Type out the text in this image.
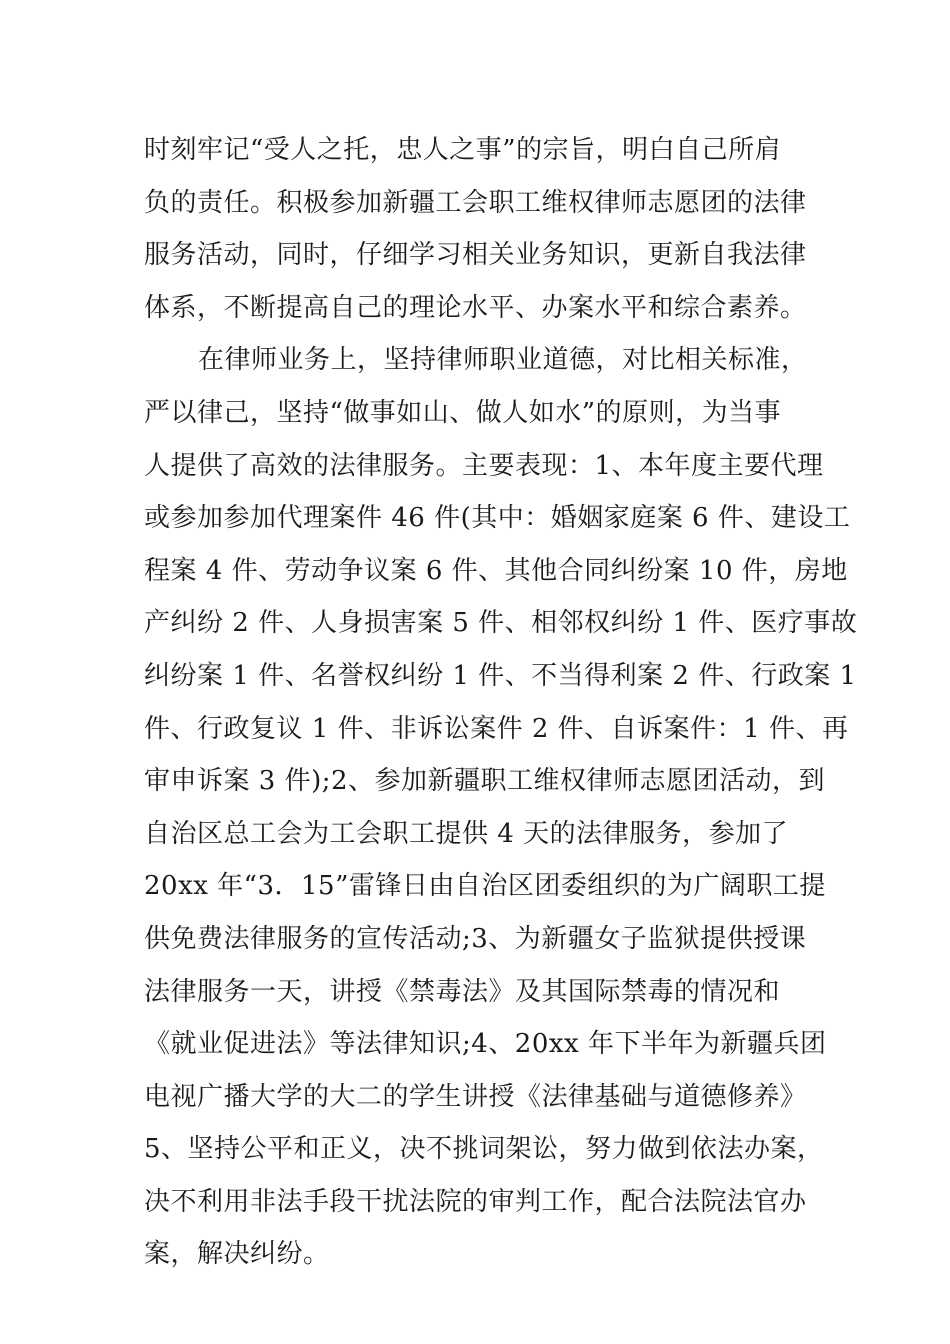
时刻牢记“受人之托，忠人之事”的宗旨，明白自己所肩
负的责任。积极参加新疆工会职工维权律师志愿团的法律
服务活动，同时，仔细学习相关业务知识，更新自我法律
体系，不断提高自己的理论水平、办案水平和综合素养。
在律师业务上，坚持律师职业道德，对比相关标准，
严以律己，坚持“做事如山、做人如水”的原则，为当事
人提供了高效的法律服务。主要表现：1、本年度主要代理
或参加参加代理案件 46 件(其中：婚姻家庭案 6 件、建设工
程案 4 件、劳动争议案 6 件、其他合同纠纷案 10 件，房地
产纠纷 2 件、人身损害案 5 件、相邻权纠纷 1 件、医疗事故
纠纷案 1 件、名誉权纠纷 1 件、不当得利案 2 件、行政案 1
件、行政复议 1 件、非诉讼案件 2 件、自诉案件：1 件、再
审申诉案 3 件);2、参加新疆职工维权律师志愿团活动，到
自治区总工会为工会职工提供 4 天的法律服务，参加了
20xx 年“3．15”雷锋日由自治区团委组织的为广阔职工提
供免费法律服务的宣传活动;3、为新疆女子监狱提供授课
法律服务一天，讲授《禁毒法》及其国际禁毒的情况和
《就业促进法》等法律知识;4、20xx 年下半年为新疆兵团
电视广播大学的大二的学生讲授《法律基础与道德修养》
5、坚持公平和正义，决不挑词架讼，努力做到依法办案，
决不利用非法手段干扰法院的审判工作，配合法院法官办
案，解决纠纷。
